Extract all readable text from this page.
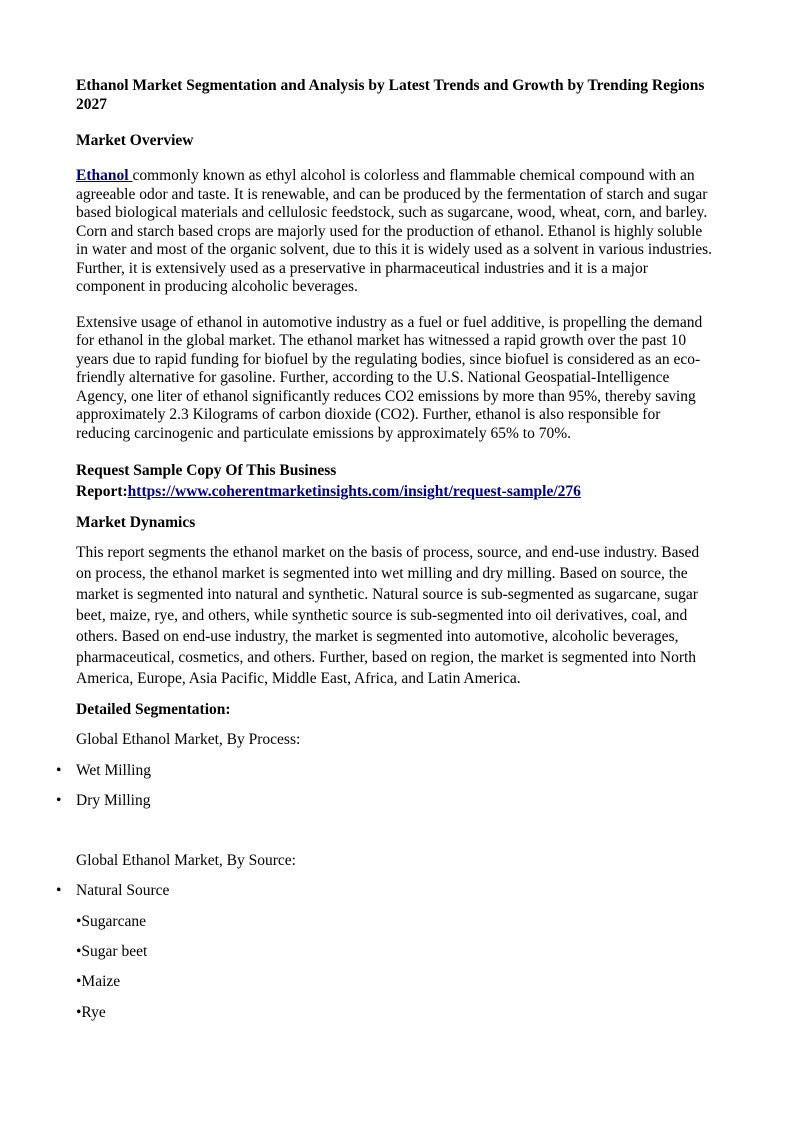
Ethanol Market Segmentation and Analysis by Latest Trends and Growth by Trending Regions 2027
Market Overview
Ethanol commonly known as ethyl alcohol is colorless and flammable chemical compound with an agreeable odor and taste. It is renewable, and can be produced by the fermentation of starch and sugar based biological materials and cellulosic feedstock, such as sugarcane, wood, wheat, corn, and barley. Corn and starch based crops are majorly used for the production of ethanol. Ethanol is highly soluble in water and most of the organic solvent, due to this it is widely used as a solvent in various industries. Further, it is extensively used as a preservative in pharmaceutical industries and it is a major component in producing alcoholic beverages.
Extensive usage of ethanol in automotive industry as a fuel or fuel additive, is propelling the demand for ethanol in the global market. The ethanol market has witnessed a rapid growth over the past 10 years due to rapid funding for biofuel by the regulating bodies, since biofuel is considered as an eco-friendly alternative for gasoline. Further, according to the U.S. National Geospatial-Intelligence Agency, one liter of ethanol significantly reduces CO2 emissions by more than 95%, thereby saving approximately 2.3 Kilograms of carbon dioxide (CO2). Further, ethanol is also responsible for reducing carcinogenic and particulate emissions by approximately 65% to 70%.
Request Sample Copy Of This Business Report:https://www.coherentmarketinsights.com/insight/request-sample/276
Market Dynamics
This report segments the ethanol market on the basis of process, source, and end-use industry. Based on process, the ethanol market is segmented into wet milling and dry milling. Based on source, the market is segmented into natural and synthetic. Natural source is sub-segmented as sugarcane, sugar beet, maize, rye, and others, while synthetic source is sub-segmented into oil derivatives, coal, and others. Based on end-use industry, the market is segmented into automotive, alcoholic beverages, pharmaceutical, cosmetics, and others. Further, based on region, the market is segmented into North America, Europe, Asia Pacific, Middle East, Africa, and Latin America.
Detailed Segmentation:
Global Ethanol Market, By Process:
• Wet Milling
• Dry Milling
Global Ethanol Market, By Source:
• Natural Source
•Sugarcane
•Sugar beet
•Maize
•Rye
